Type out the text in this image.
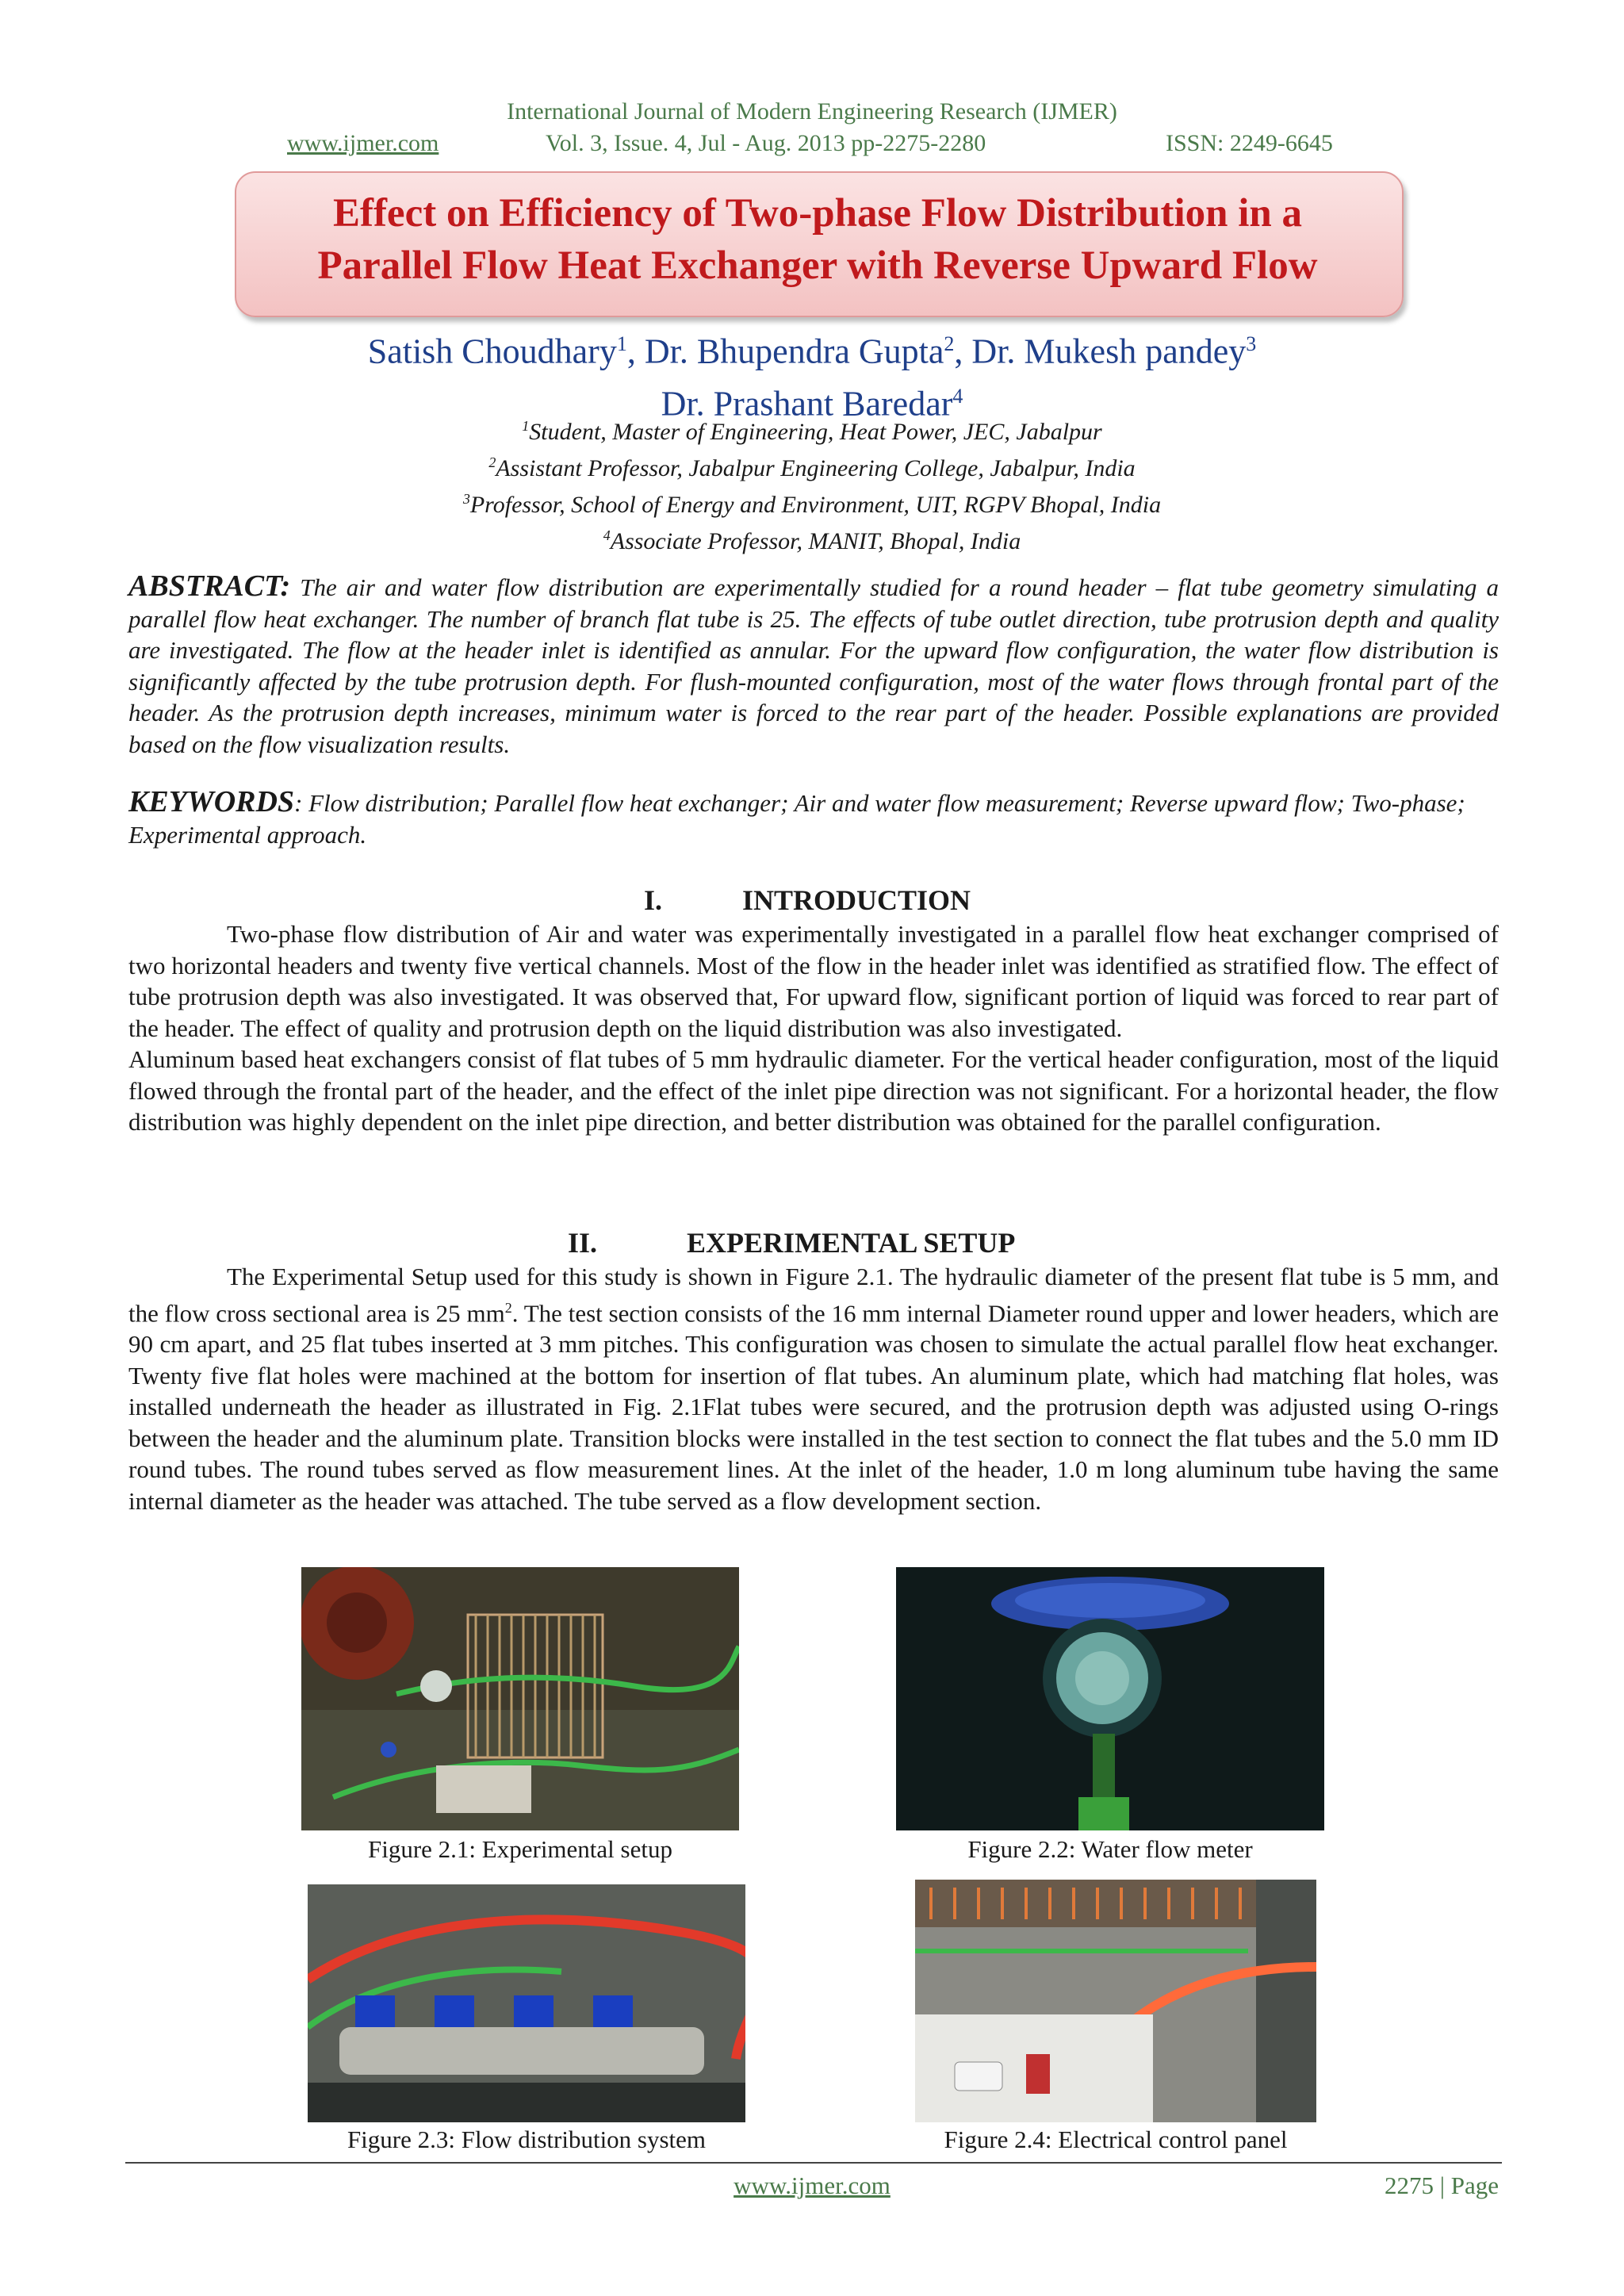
International Journal of Modern Engineering Research (IJMER)
www.ijmer.com	Vol. 3, Issue. 4, Jul - Aug. 2013 pp-2275-2280	ISSN: 2249-6645
Effect on Efficiency of Two-phase Flow Distribution in a
Parallel Flow Heat Exchanger with Reverse Upward Flow
Satish Choudhary$^1$, Dr. Bhupendra Gupta$^2$, Dr. Mukesh pandey$^3$
Dr. Prashant Baredar$^4$
$^1$Student, Master of Engineering, Heat Power, JEC, Jabalpur
$^2$Assistant Professor, Jabalpur Engineering College, Jabalpur, India
$^3$Professor, School of Energy and Environment, UIT, RGPV Bhopal, India
$^4$Associate Professor, MANIT, Bhopal, India

ABSTRACT: The air and water flow distribution are experimentally studied for a round header – flat tube geometry simulating a parallel flow heat exchanger. The number of branch flat tube is 25. The effects of tube outlet direction, tube protrusion depth and quality are investigated. The flow at the header inlet is identified as annular. For the upward flow configuration, the water flow distribution is significantly affected by the tube protrusion depth. For flush-mounted configuration, most of the water flows through frontal part of the header. As the protrusion depth increases, minimum water is forced to the rear part of the header. Possible explanations are provided based on the flow visualization results.

KEYWORDS: Flow distribution; Parallel flow heat exchanger; Air and water flow measurement; Reverse upward flow; Two-phase; Experimental approach.

I.	INTRODUCTION

Two-phase flow distribution of Air and water was experimentally investigated in a parallel flow heat exchanger comprised of two horizontal headers and twenty five vertical channels. Most of the flow in the header inlet was identified as stratified flow. The effect of tube protrusion depth was also investigated. It was observed that, For upward flow, significant portion of liquid was forced to rear part of the header. The effect of quality and protrusion depth on the liquid distribution was also investigated.

Aluminum based heat exchangers consist of flat tubes of 5 mm hydraulic diameter. For the vertical header configuration, most of the liquid flowed through the frontal part of the header, and the effect of the inlet pipe direction was not significant. For a horizontal header, the flow distribution was highly dependent on the inlet pipe direction, and better distribution was obtained for the parallel configuration.

II.	EXPERIMENTAL SETUP

The Experimental Setup used for this study is shown in Figure 2.1. The hydraulic diameter of the present flat tube is 5 mm, and the flow cross sectional area is 25 $mm^2$. The test section consists of the 16 mm internal Diameter round upper and lower headers, which are 90 cm apart, and 25 flat tubes inserted at 3 mm pitches. This configuration was chosen to simulate the actual parallel flow heat exchanger. Twenty five flat holes were machined at the bottom for insertion of flat tubes. An aluminum plate, which had matching flat holes, was installed underneath the header as illustrated in Fig. 2.1Flat tubes were secured, and the protrusion depth was adjusted using O-rings between the header and the aluminum plate. Transition blocks were installed in the test section to connect the flat tubes and the 5.0 mm ID round tubes. The round tubes served as flow measurement lines. At the inlet of the header, 1.0 m long aluminum tube having the same internal diameter as the header was attached. The tube served as a flow development section.

Figure 2.1: Experimental setup	Figure 2.2: Water flow meter
Figure 2.3: Flow distribution system	Figure 2.4: Electrical control panel
www.ijmer.com	2275 | Page
